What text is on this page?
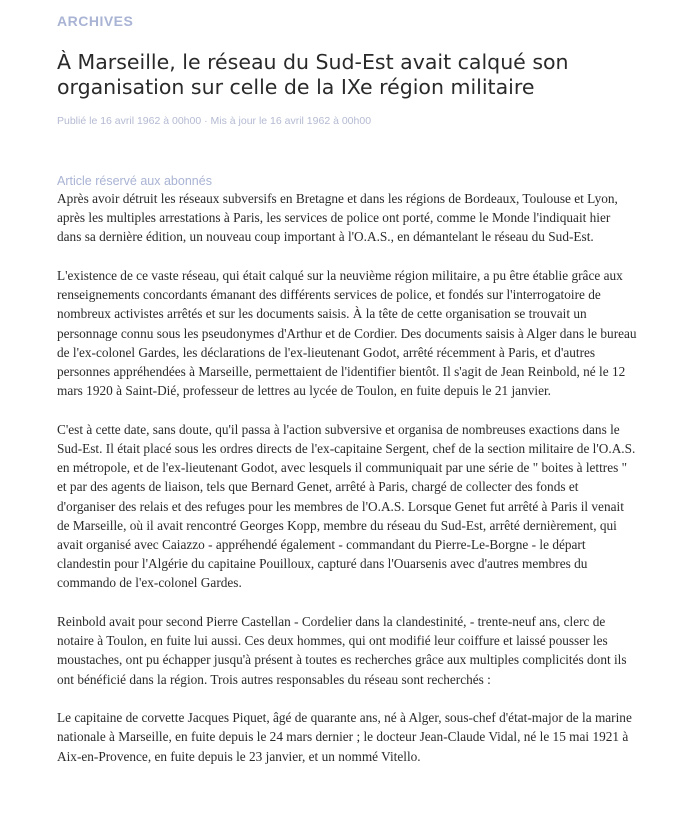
ARCHIVES
À Marseille, le réseau du Sud-Est avait calqué son organisation sur celle de la IXe région militaire
Publié le 16 avril 1962 à 00h00 · Mis à jour le 16 avril 1962 à 00h00
Article réservé aux abonnés

Après avoir détruit les réseaux subversifs en Bretagne et dans les régions de Bordeaux, Toulouse et Lyon, après les multiples arrestations à Paris, les services de police ont porté, comme le Monde l'indiquait hier dans sa dernière édition, un nouveau coup important à l'O.A.S., en démantelant le réseau du Sud-Est.

L'existence de ce vaste réseau, qui était calqué sur la neuvième région militaire, a pu être établie grâce aux renseignements concordants émanant des différents services de police, et fondés sur l'interrogatoire de nombreux activistes arrêtés et sur les documents saisis. À la tête de cette organisation se trouvait un personnage connu sous les pseudonymes d'Arthur et de Cordier. Des documents saisis à Alger dans le bureau de l'ex-colonel Gardes, les déclarations de l'ex-lieutenant Godot, arrêté récemment à Paris, et d'autres personnes appréhendées à Marseille, permettaient de l'identifier bientôt. Il s'agit de Jean Reinbold, né le 12 mars 1920 à Saint-Dié, professeur de lettres au lycée de Toulon, en fuite depuis le 21 janvier.

C'est à cette date, sans doute, qu'il passa à l'action subversive et organisa de nombreuses exactions dans le Sud-Est. Il était placé sous les ordres directs de l'ex-capitaine Sergent, chef de la section militaire de l'O.A.S. en métropole, et de l'ex-lieutenant Godot, avec lesquels il communiquait par une série de " boites à lettres " et par des agents de liaison, tels que Bernard Genet, arrêté à Paris, chargé de collecter des fonds et d'organiser des relais et des refuges pour les membres de l'O.A.S. Lorsque Genet fut arrêté à Paris il venait de Marseille, où il avait rencontré Georges Kopp, membre du réseau du Sud-Est, arrêté dernièrement, qui avait organisé avec Caiazzo - appréhendé également - commandant du Pierre-Le-Borgne - le départ clandestin pour l'Algérie du capitaine Pouilloux, capturé dans l'Ouarsenis avec d'autres membres du commando de l'ex-colonel Gardes.

Reinbold avait pour second Pierre Castellan - Cordelier dans la clandestinité, - trente-neuf ans, clerc de notaire à Toulon, en fuite lui aussi. Ces deux hommes, qui ont modifié leur coiffure et laissé pousser les moustaches, ont pu échapper jusqu'à présent à toutes es recherches grâce aux multiples complicités dont ils ont bénéficié dans la région. Trois autres responsables du réseau sont recherchés :

Le capitaine de corvette Jacques Piquet, âgé de quarante ans, né à Alger, sous-chef d'état-major de la marine nationale à Marseille, en fuite depuis le 24 mars dernier ; le docteur Jean-Claude Vidal, né le 15 mai 1921 à Aix-en-Provence, en fuite depuis le 23 janvier, et un nommé Vitello.
